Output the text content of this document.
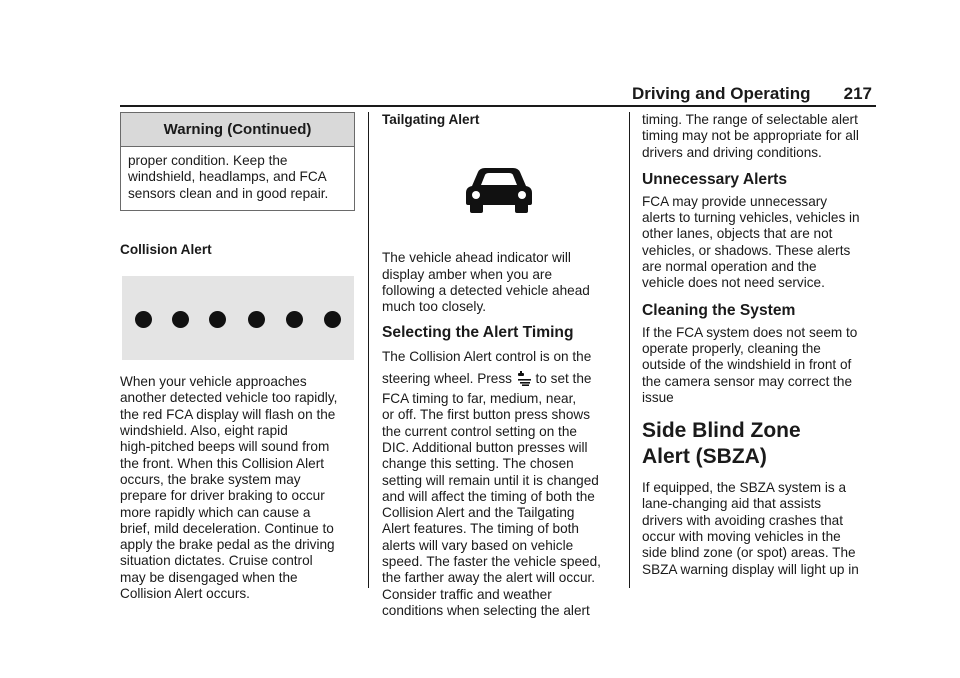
Driving and Operating 217
Warning (Continued)
proper condition. Keep the
windshield, headlamps, and FCA
sensors clean and in good repair.
Collision Alert
When your vehicle approaches
another detected vehicle too rapidly,
the red FCA display will flash on the
windshield. Also, eight rapid
high-pitched beeps will sound from
the front. When this Collision Alert
occurs, the brake system may
prepare for driver braking to occur
more rapidly which can cause a
brief, mild deceleration. Continue to
apply the brake pedal as the driving
situation dictates. Cruise control
may be disengaged when the
Collision Alert occurs.
Tailgating Alert
The vehicle ahead indicator will
display amber when you are
following a detected vehicle ahead
much too closely.
Selecting the Alert Timing
The Collision Alert control is on the
steering wheel. Press to set the
FCA timing to far, medium, near,
or off. The first button press shows
the current control setting on the
DIC. Additional button presses will
change this setting. The chosen
setting will remain until it is changed
and will affect the timing of both the
Collision Alert and the Tailgating
Alert features. The timing of both
alerts will vary based on vehicle
speed. The faster the vehicle speed,
the farther away the alert will occur.
Consider traffic and weather
conditions when selecting the alert
timing. The range of selectable alert
timing may not be appropriate for all
drivers and driving conditions.
Unnecessary Alerts
FCA may provide unnecessary
alerts to turning vehicles, vehicles in
other lanes, objects that are not
vehicles, or shadows. These alerts
are normal operation and the
vehicle does not need service.
Cleaning the System
If the FCA system does not seem to
operate properly, cleaning the
outside of the windshield in front of
the camera sensor may correct the
issue
Side Blind Zone
Alert (SBZA)
If equipped, the SBZA system is a
lane-changing aid that assists
drivers with avoiding crashes that
occur with moving vehicles in the
side blind zone (or spot) areas. The
SBZA warning display will light up in
